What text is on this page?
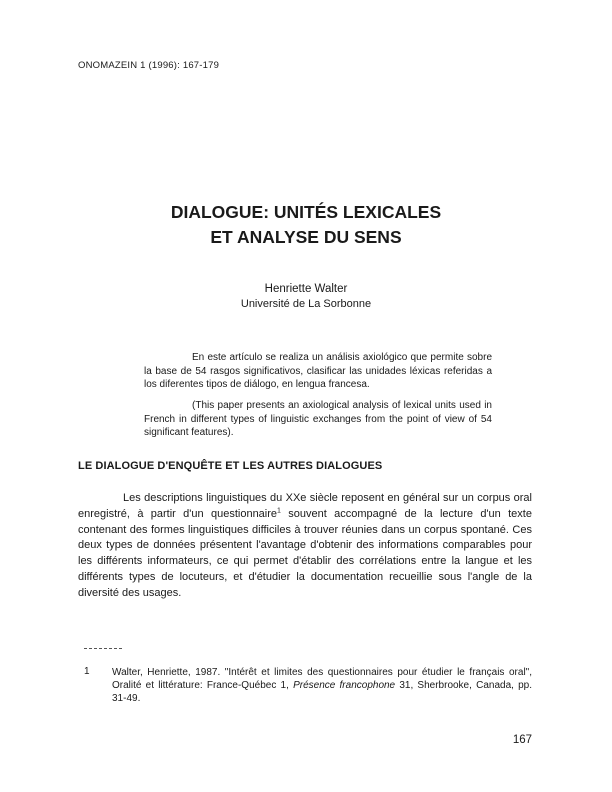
ONOMAZEIN 1 (1996): 167-179
DIALOGUE: UNITÉS LEXICALES
ET ANALYSE DU SENS
Henriette Walter
Université de La Sorbonne
En este artículo se realiza un análisis axiológico que permite sobre la base de 54 rasgos significativos, clasificar las unidades léxicas referidas a los diferentes tipos de diálogo, en lengua francesa.
(This paper presents an axiological analysis of lexical units used in French in different types of linguistic exchanges from the point of view of 54 significant features).
LE DIALOGUE D'ENQUÊTE ET LES AUTRES DIALOGUES
Les descriptions linguistiques du XXe siècle reposent en général sur un corpus oral enregistré, à partir d'un questionnaire$^1$ souvent accompagné de la lecture d'un texte contenant des formes linguistiques difficiles à trouver réunies dans un corpus spontané. Ces deux types de données présentent l'avantage d'obtenir des informations comparables pour les différents informateurs, ce qui permet d'établir des corrélations entre la langue et les différents types de locuteurs, et d'étudier la documentation recueillie sous l'angle de la diversité des usages.
1 Walter, Henriette, 1987. "Intérêt et limites des questionnaires pour étudier le français oral", Oralité et littérature: France-Québec 1, Présence francophone 31, Sherbrooke, Canada, pp. 31-49.
167
